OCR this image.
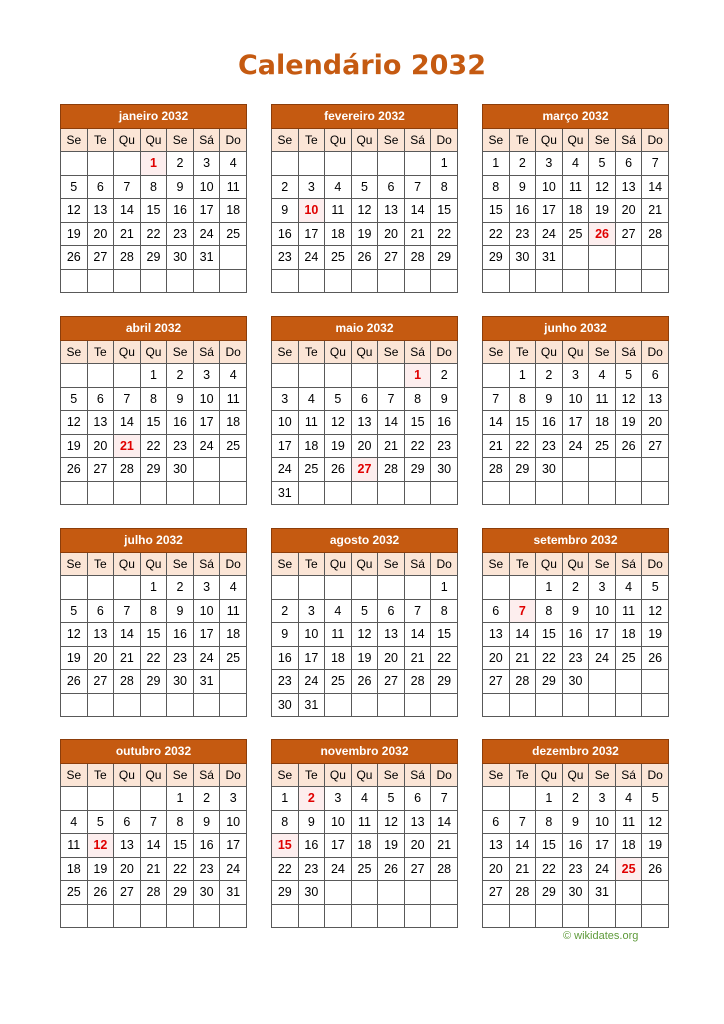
Calendário 2032
janeiro 2032						
Se	Te	Qu	Qu	Se	Sá	Do
			1	2	3	4
5	6	7	8	9	10	11
12	13	14	15	16	17	18
19	20	21	22	23	24	25
26	27	28	29	30	31	

fevereiro 2032						
Se	Te	Qu	Qu	Se	Sá	Do
						1
2	3	4	5	6	7	8
9	10	11	12	13	14	15
16	17	18	19	20	21	22
23	24	25	26	27	28	29

março 2032						
Se	Te	Qu	Qu	Se	Sá	Do
1	2	3	4	5	6	7
8	9	10	11	12	13	14
15	16	17	18	19	20	21
22	23	24	25	26	27	28
29	30	31				

abril 2032						
Se	Te	Qu	Qu	Se	Sá	Do
			1	2	3	4
5	6	7	8	9	10	11
12	13	14	15	16	17	18
19	20	21	22	23	24	25
26	27	28	29	30		

maio 2032						
Se	Te	Qu	Qu	Se	Sá	Do
					1	2
3	4	5	6	7	8	9
10	11	12	13	14	15	16
17	18	19	20	21	22	23
24	25	26	27	28	29	30
31						
junho 2032						
Se	Te	Qu	Qu	Se	Sá	Do
	1	2	3	4	5	6
7	8	9	10	11	12	13
14	15	16	17	18	19	20
21	22	23	24	25	26	27
28	29	30				

julho 2032						
Se	Te	Qu	Qu	Se	Sá	Do
			1	2	3	4
5	6	7	8	9	10	11
12	13	14	15	16	17	18
19	20	21	22	23	24	25
26	27	28	29	30	31	

agosto 2032						
Se	Te	Qu	Qu	Se	Sá	Do
						1
2	3	4	5	6	7	8
9	10	11	12	13	14	15
16	17	18	19	20	21	22
23	24	25	26	27	28	29
30	31					
setembro 2032						
Se	Te	Qu	Qu	Se	Sá	Do
		1	2	3	4	5
6	7	8	9	10	11	12
13	14	15	16	17	18	19
20	21	22	23	24	25	26
27	28	29	30			

outubro 2032						
Se	Te	Qu	Qu	Se	Sá	Do
				1	2	3
4	5	6	7	8	9	10
11	12	13	14	15	16	17
18	19	20	21	22	23	24
25	26	27	28	29	30	31

novembro 2032						
Se	Te	Qu	Qu	Se	Sá	Do
1	2	3	4	5	6	7
8	9	10	11	12	13	14
15	16	17	18	19	20	21
22	23	24	25	26	27	28
29	30					

dezembro 2032						
Se	Te	Qu	Qu	Se	Sá	Do
		1	2	3	4	5
6	7	8	9	10	11	12
13	14	15	16	17	18	19
20	21	22	23	24	25	26
27	28	29	30	31		

© wikidates.org
